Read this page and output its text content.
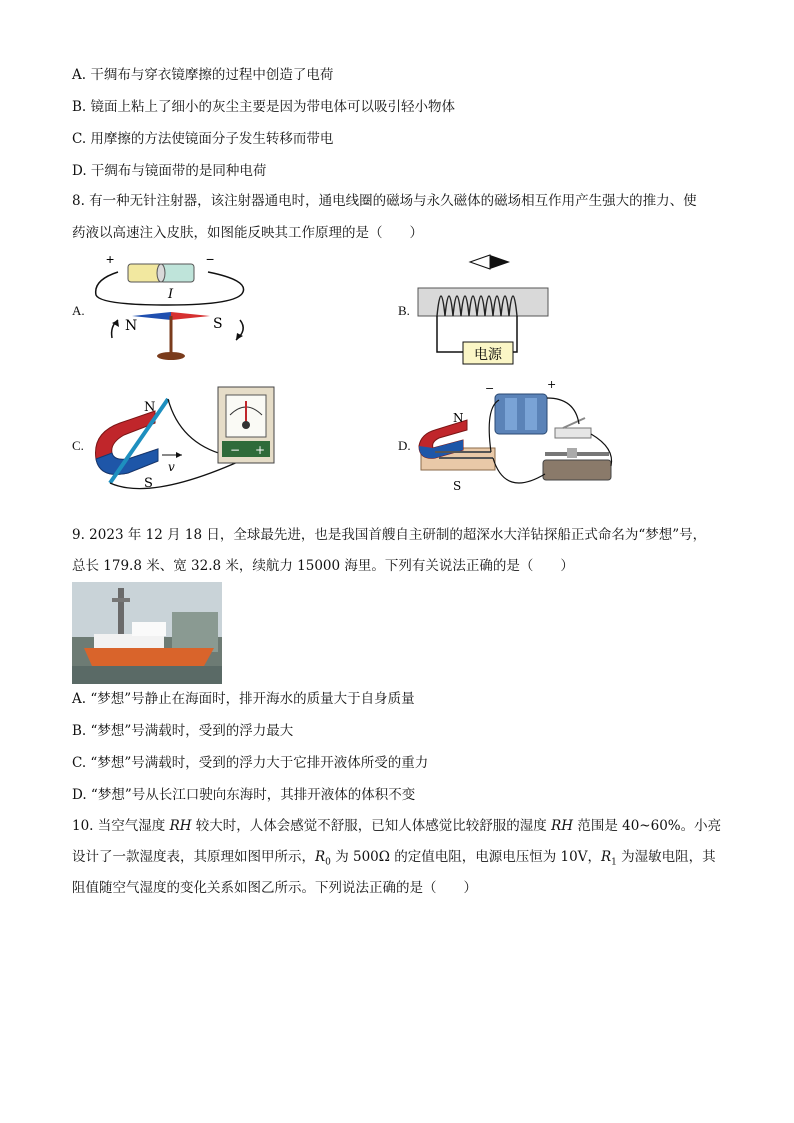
A. 干绸布与穿衣镜摩擦的过程中创造了电荷
B. 镜面上粘上了细小的灰尘主要是因为带电体可以吸引轻小物体
C. 用摩擦的方法使镜面分子发生转移而带电
D. 干绸布与镜面带的是同种电荷
8. 有一种无针注射器，该注射器通电时，通电线圈的磁场与永久磁体的磁场相互作用产生强大的推力、使
药液以高速注入皮肤，如图能反映其工作原理的是（　　）
A.	B.
C.	D.
+	−
I
N	S
电源
N
S
v
− +
N
S
−	+
9. 2023 年 12 月 18 日，全球最先进，也是我国首艘自主研制的超深水大洋钻探船正式命名为“梦想”号，
总长 179.8 米、宽 32.8 米，续航力 15000 海里。下列有关说法正确的是（　　）
A. “梦想”号静止在海面时，排开海水的质量大于自身质量
B. “梦想”号满载时，受到的浮力最大
C. “梦想”号满载时，受到的浮力大于它排开液体所受的重力
D. “梦想”号从长江口驶向东海时，其排开液体的体积不变
10. 当空气湿度 RH 较大时，人体会感觉不舒服，已知人体感觉比较舒服的湿度 RH 范围是 40~60%。小亮
设计了一款湿度表，其原理如图甲所示，$R_0$ 为 500Ω 的定值电阻，电源电压恒为 10V，$R_1$ 为湿敏电阻，其
阻值随空气湿度的变化关系如图乙所示。下列说法正确的是（　　）
